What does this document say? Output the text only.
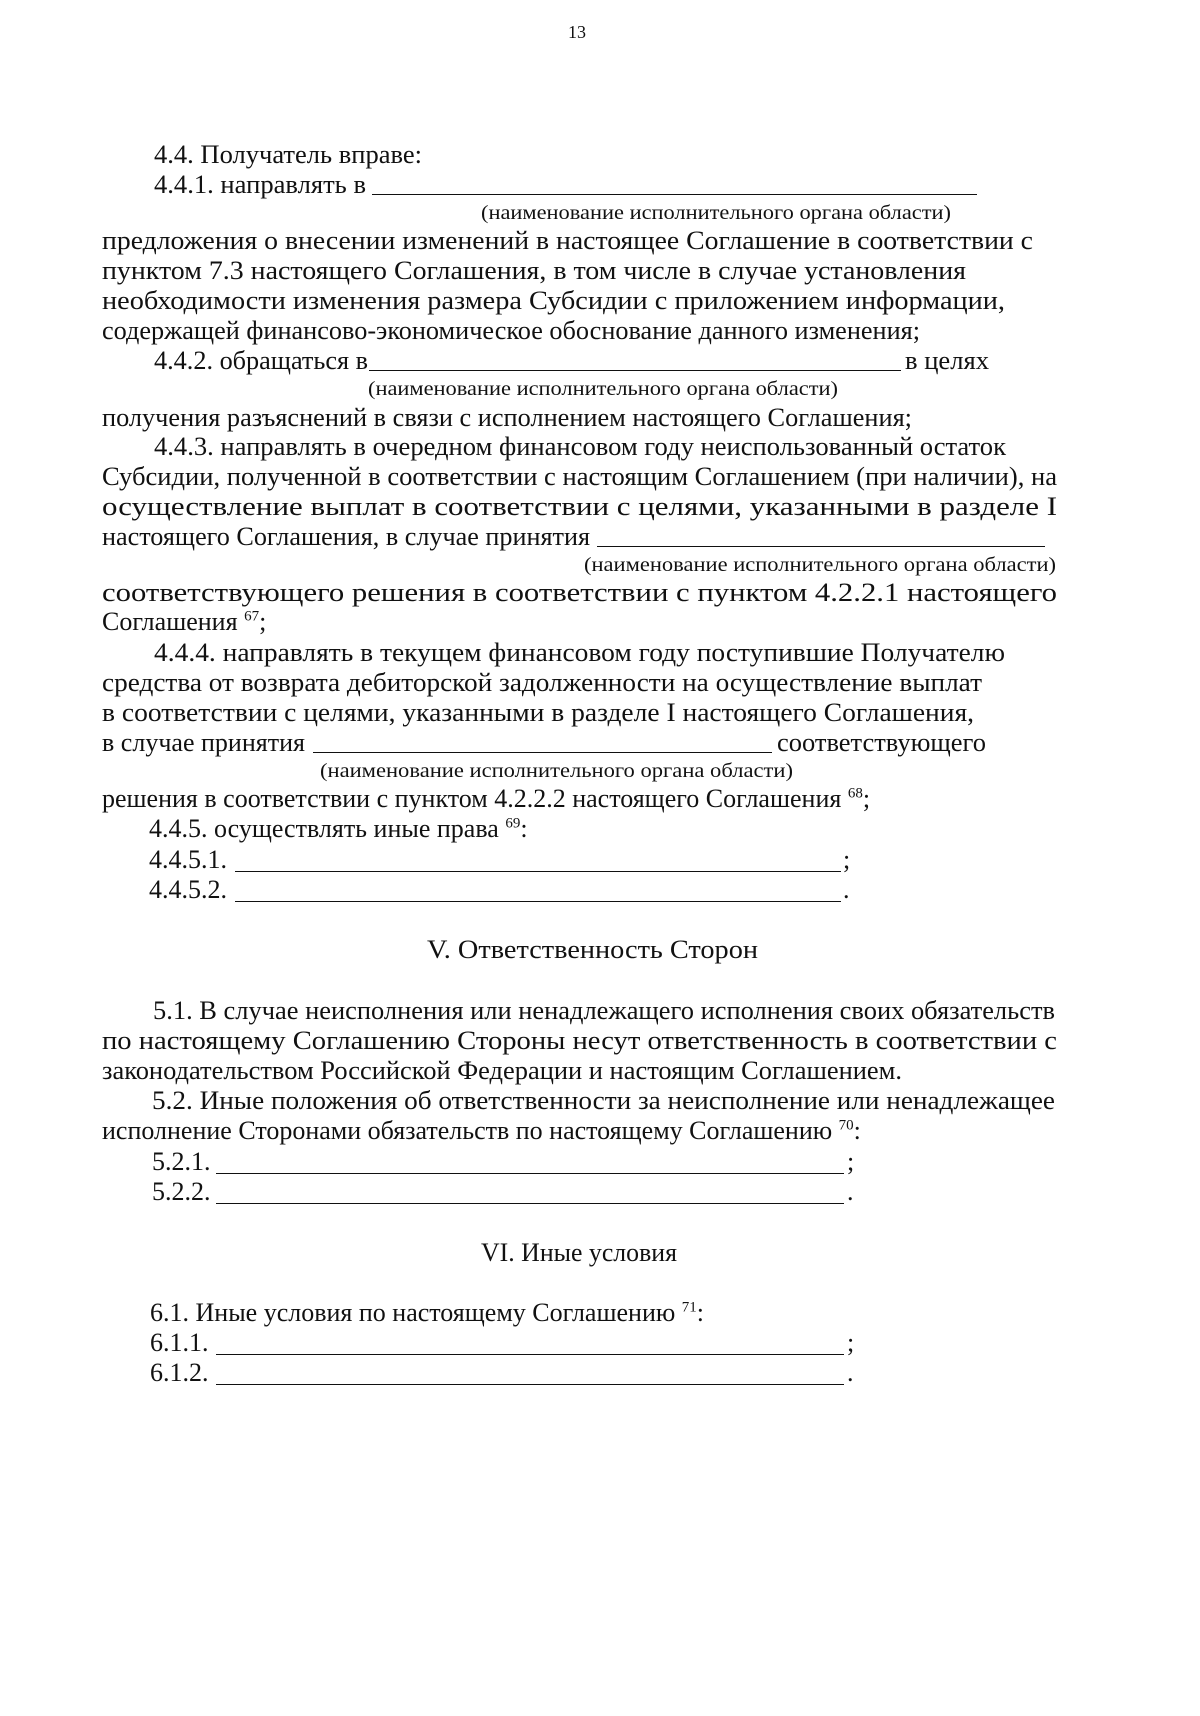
13
4.4. Получатель вправе:
4.4.1. направлять в
(наименование исполнительного органа области)
предложения о внесении изменений в настоящее Соглашение в соответствии с
пунктом 7.3 настоящего Соглашения, в том числе в случае установления
необходимости изменения размера Субсидии с приложением информации,
содержащей финансово-экономическое обоснование данного изменения;
4.4.2. обращаться в	в целях
(наименование исполнительного органа области)
получения разъяснений в связи с исполнением настоящего Соглашения;
4.4.3. направлять в очередном финансовом году неиспользованный остаток
Субсидии, полученной в соответствии с настоящим Соглашением (при наличии), на
осуществление выплат в соответствии с целями, указанными в разделе I
настоящего Соглашения, в случае принятия
(наименование исполнительного органа области)
соответствующего решения в соответствии с пунктом 4.2.2.1 настоящего
Соглашения $^{67}$;
4.4.4. направлять в текущем финансовом году поступившие Получателю
средства от возврата дебиторской задолженности на осуществление выплат
в соответствии с целями, указанными в разделе I настоящего Соглашения,
в случае принятия	соответствующего
(наименование исполнительного органа области)
решения в соответствии с пунктом 4.2.2.2 настоящего Соглашения $^{68}$;
4.4.5. осуществлять иные права $^{69}$:
4.4.5.1.	;
4.4.5.2.	.
V. Ответственность Сторон
5.1. В случае неисполнения или ненадлежащего исполнения своих обязательств
по настоящему Соглашению Стороны несут ответственность в соответствии с
законодательством Российской Федерации и настоящим Соглашением.
5.2. Иные положения об ответственности за неисполнение или ненадлежащее
исполнение Сторонами обязательств по настоящему Соглашению $^{70}$:
5.2.1.	;
5.2.2.	.
VI. Иные условия
6.1. Иные условия по настоящему Соглашению $^{71}$:
6.1.1.	;
6.1.2.	.
